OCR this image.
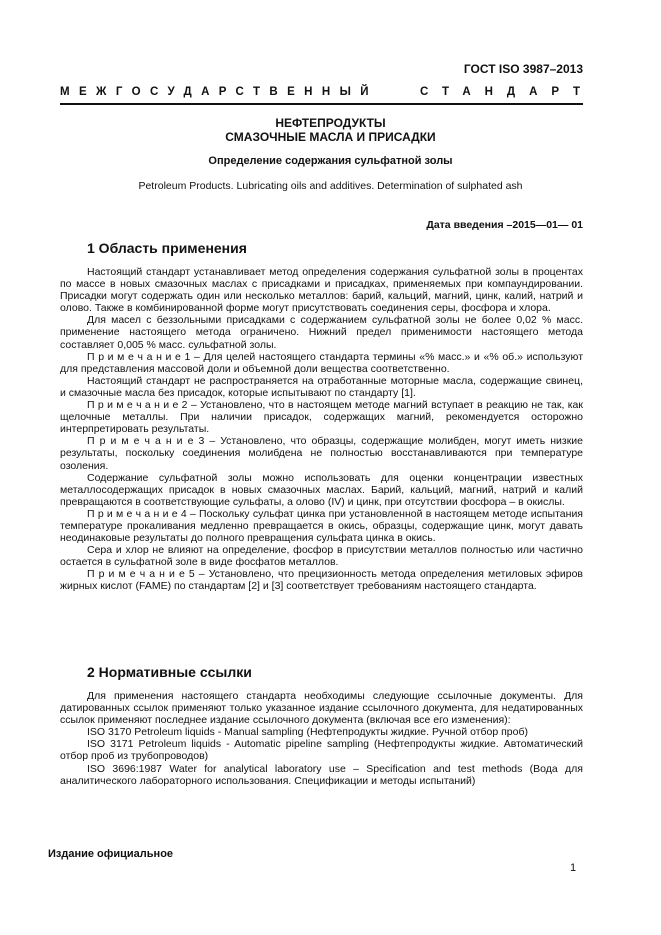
ГОСТ ISO 3987–2013
МЕЖГОСУДАРСТВЕННЫЙ	СТАНДАРТ
НЕФТЕПРОДУКТЫ
СМАЗОЧНЫЕ МАСЛА И ПРИСАДКИ
Определение содержания сульфатной золы
Petroleum Products. Lubricating oils and additives. Determination of sulphated ash
Дата введения –2015—01— 01
1 Область применения

Настоящий стандарт устанавливает метод определения содержания сульфатной золы в процентах по массе в новых смазочных маслах с присадками и присадках, применяемых при компаундировании. Присадки могут содержать один или несколько металлов: барий, кальций, магний, цинк, калий, натрий и олово. Также в комбинированной форме могут присутствовать соединения серы, фосфора и хлора.

Для масел с беззольными присадками с содержанием сульфатной золы не более 0,02 % масс. применение настоящего метода ограничено. Нижний предел применимости настоящего метода составляет 0,005 % масс. сульфатной золы.

П р и м е ч а н и е 1 – Для целей настоящего стандарта термины «% масс.» и «% об.» используют для представления массовой доли и объемной доли вещества соответственно.

Настоящий стандарт не распространяется на отработанные моторные масла, содержащие свинец, и смазочные масла без присадок, которые испытывают по стандарту [1].

П р и м е ч а н и е 2 – Установлено, что в настоящем методе магний вступает в реакцию не так, как щелочные металлы. При наличии присадок, содержащих магний, рекомендуется осторожно интерпретировать результаты.

П р и м е ч а н и е 3 – Установлено, что образцы, содержащие молибден, могут иметь низкие результаты, поскольку соединения молибдена не полностью восстанавливаются при температуре озоления.

Содержание сульфатной золы можно использовать для оценки концентрации известных металлосодержащих присадок в новых смазочных маслах. Барий, кальций, магний, натрий и калий превращаются в соответствующие сульфаты, а олово (IV) и цинк, при отсутствии фосфора – в окислы.

П р и м е ч а н и е 4 – Поскольку сульфат цинка при установленной в настоящем методе испытания температуре прокаливания медленно превращается в окись, образцы, содержащие цинк, могут давать неодинаковые результаты до полного превращения сульфата цинка в окись.

Сера и хлор не влияют на определение, фосфор в присутствии металлов полностью или частично остается в сульфатной золе в виде фосфатов металлов.

П р и м е ч а н и е 5 – Установлено, что прецизионность метода определения метиловых эфиров жирных кислот (FAME) по стандартам [2] и [3] соответствует требованиям настоящего стандарта.

2 Нормативные ссылки

Для применения настоящего стандарта необходимы следующие ссылочные документы. Для датированных ссылок применяют только указанное издание ссылочного документа, для недатированных ссылок применяют последнее издание ссылочного документа (включая все его изменения):

ISO 3170 Petroleum liquids - Manual sampling (Нефтепродукты жидкие. Ручной отбор проб)

ISO 3171 Petroleum liquids - Automatic pipeline sampling (Нефтепродукты жидкие. Автоматический отбор проб из трубопроводов)

ISO 3696:1987 Water for analytical laboratory use – Specification and test methods (Вода для аналитического лабораторного использования. Спецификации и методы испытаний)

Издание официальное
1
